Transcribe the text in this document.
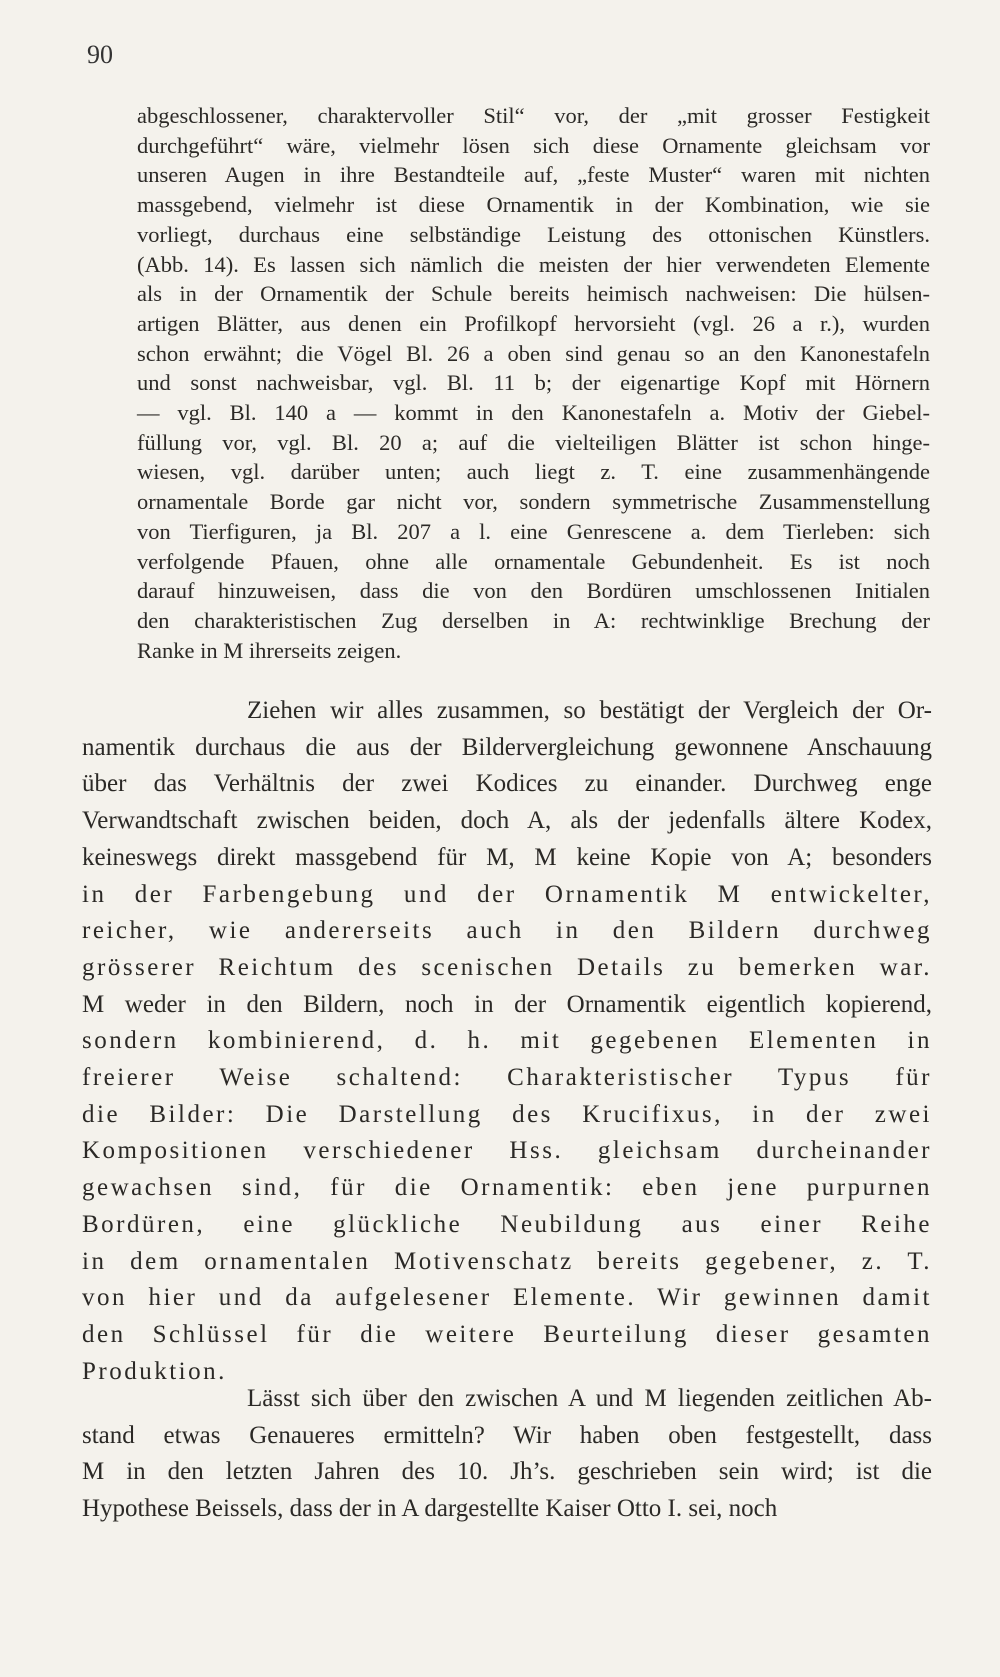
90
abgeschlossener, charaktervoller Stil“ vor, der „mit grosser Festigkeit
durchgeführt“ wäre, vielmehr lösen sich diese Ornamente gleichsam vor
unseren Augen in ihre Bestandteile auf, „feste Muster“ waren mit nichten
massgebend, vielmehr ist diese Ornamentik in der Kombination, wie sie
vorliegt, durchaus eine selbständige Leistung des ottonischen Künstlers.
(Abb. 14). Es lassen sich nämlich die meisten der hier verwendeten Elemente
als in der Ornamentik der Schule bereits heimisch nachweisen: Die hülsen-
artigen Blätter, aus denen ein Profilkopf hervorsieht (vgl. 26 a r.), wurden
schon erwähnt; die Vögel Bl. 26 a oben sind genau so an den Kanonestafeln
und sonst nachweisbar, vgl. Bl. 11 b; der eigenartige Kopf mit Hörnern
— vgl. Bl. 140 a — kommt in den Kanonestafeln a. Motiv der Giebel-
füllung vor, vgl. Bl. 20 a; auf die vielteiligen Blätter ist schon hinge-
wiesen, vgl. darüber unten; auch liegt z. T. eine zusammenhängende
ornamentale Borde gar nicht vor, sondern symmetrische Zusammenstellung
von Tierfiguren, ja Bl. 207 a l. eine Genrescene a. dem Tierleben: sich
verfolgende Pfauen, ohne alle ornamentale Gebundenheit. Es ist noch
darauf hinzuweisen, dass die von den Bordüren umschlossenen Initialen
den charakteristischen Zug derselben in A: rechtwinklige Brechung der
Ranke in M ihrerseits zeigen.
Ziehen wir alles zusammen, so bestätigt der Vergleich der Or-
namentik durchaus die aus der Bildervergleichung gewonnene Anschauung
über das Verhältnis der zwei Kodices zu einander. Durchweg enge
Verwandtschaft zwischen beiden, doch A, als der jedenfalls ältere Kodex,
keineswegs direkt massgebend für M, M keine Kopie von A; besonders
in der Farbengebung und der Ornamentik M entwickelter,
reicher, wie andererseits auch in den Bildern durchweg
grösserer Reichtum des scenischen Details zu bemerken war.
M weder in den Bildern, noch in der Ornamentik eigentlich kopierend,
sondern kombinierend, d. h. mit gegebenen Elementen in
freierer Weise schaltend: Charakteristischer Typus für
die Bilder: Die Darstellung des Krucifixus, in der zwei
Kompositionen verschiedener Hss. gleichsam durcheinander
gewachsen sind, für die Ornamentik: eben jene purpurnen
Bordüren, eine glückliche Neubildung aus einer Reihe
in dem ornamentalen Motivenschatz bereits gegebener, z. T.
von hier und da aufgelesener Elemente. Wir gewinnen damit
den Schlüssel für die weitere Beurteilung dieser gesamten
Produktion.
Lässt sich über den zwischen A und M liegenden zeitlichen Ab-
stand etwas Genaueres ermitteln? Wir haben oben festgestellt, dass
M in den letzten Jahren des 10. Jh’s. geschrieben sein wird; ist die
Hypothese Beissels, dass der in A dargestellte Kaiser Otto I. sei, noch
